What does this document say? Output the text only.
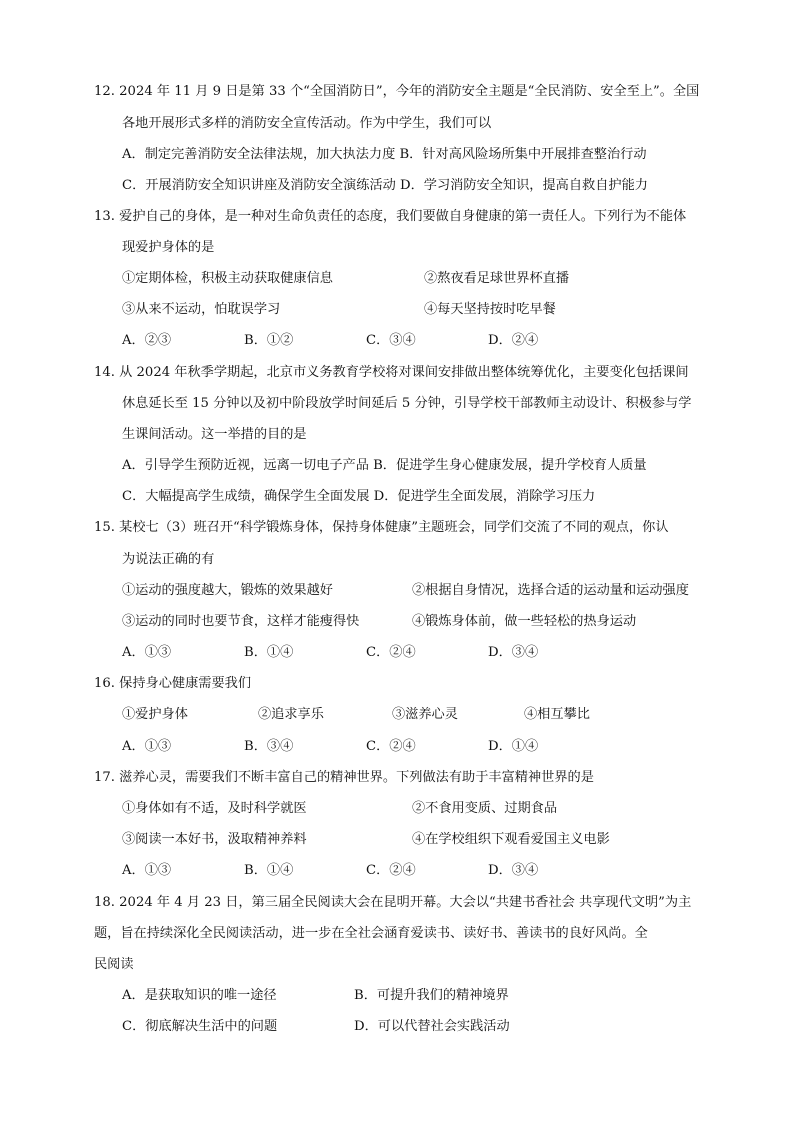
12. 2024 年 11 月 9 日是第 33 个“全国消防日”，今年的消防安全主题是“全民消防、安全至上”。全国
各地开展形式多样的消防安全宣传活动。作为中学生，我们可以
A．制定完善消防安全法律法规，加大执法力度 B．针对高风险场所集中开展排查整治行动
C．开展消防安全知识讲座及消防安全演练活动 D．学习消防安全知识，提高自救自护能力
13. 爱护自己的身体，是一种对生命负责任的态度，我们要做自身健康的第一责任人。下列行为不能体
现爱护身体的是
①定期体检，积极主动获取健康信息	②熬夜看足球世界杯直播
③从来不运动，怕耽误学习	④每天坚持按时吃早餐
A．②③	B．①②	C．③④	D．②④
14. 从 2024 年秋季学期起，北京市义务教育学校将对课间安排做出整体统筹优化，主要变化包括课间
休息延长至 15 分钟以及初中阶段放学时间延后 5 分钟，引导学校干部教师主动设计、积极参与学
生课间活动。这一举措的目的是
A．引导学生预防近视，远离一切电子产品 B．促进学生身心健康发展，提升学校育人质量
C．大幅提高学生成绩，确保学生全面发展 D．促进学生全面发展，消除学习压力
15. 某校七（3）班召开“科学锻炼身体，保持身体健康”主题班会，同学们交流了不同的观点，你认
为说法正确的有
①运动的强度越大，锻炼的效果越好	②根据自身情况，选择合适的运动量和运动强度
③运动的同时也要节食，这样才能瘦得快	④锻炼身体前，做一些轻松的热身运动
A．①③	B．①④	C．②④	D．③④
16. 保持身心健康需要我们
①爱护身体	②追求享乐	③滋养心灵	④相互攀比
A．①③	B．③④	C．②④	D．①④
17. 滋养心灵，需要我们不断丰富自己的精神世界。下列做法有助于丰富精神世界的是
①身体如有不适，及时科学就医	②不食用变质、过期食品
③阅读一本好书，汲取精神养料	④在学校组织下观看爱国主义电影
A．①③	B．①④	C．②④	D．③④
18. 2024 年 4 月 23 日，第三届全民阅读大会在昆明开幕。大会以“共建书香社会 共享现代文明”为主
题，旨在持续深化全民阅读活动，进一步在全社会涵育爱读书、读好书、善读书的良好风尚。全
民阅读
A．是获取知识的唯一途径	B．可提升我们的精神境界
C．彻底解决生活中的问题	D．可以代替社会实践活动
